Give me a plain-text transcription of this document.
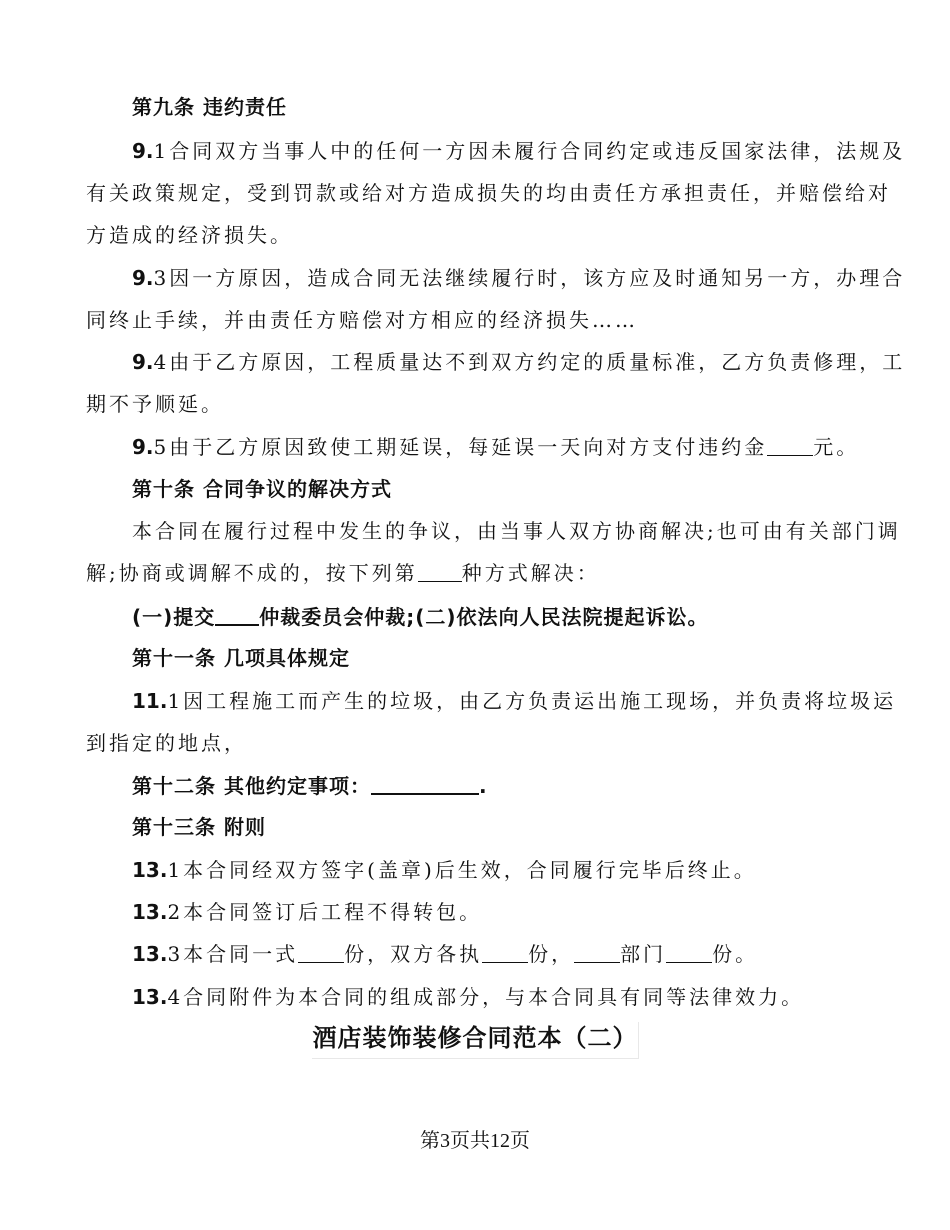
第九条 违约责任
9.1合同双方当事人中的任何一方因未履行合同约定或违反国家法律，法规及
有关政策规定，受到罚款或给对方造成损失的均由责任方承担责任，并赔偿给对
方造成的经济损失。
9.3因一方原因，造成合同无法继续履行时，该方应及时通知另一方，办理合
同终止手续，并由责任方赔偿对方相应的经济损失……
9.4由于乙方原因，工程质量达不到双方约定的质量标准，乙方负责修理，工
期不予顺延。
9.5由于乙方原因致使工期延误，每延误一天向对方支付违约金 元。
第十条 合同争议的解决方式
本合同在履行过程中发生的争议，由当事人双方协商解决;也可由有关部门调
解;协商或调解不成的，按下列第 种方式解决：
(一)提交 仲裁委员会仲裁;(二)依法向人民法院提起诉讼。
第十一条 几项具体规定
11.1因工程施工而产生的垃圾，由乙方负责运出施工现场，并负责将垃圾运
到指定的地点，
第十二条 其他约定事项：	.
第十三条 附则
13.1本合同经双方签字(盖章)后生效，合同履行完毕后终止。
13.2本合同签订后工程不得转包。
13.3本合同一式 份，双方各执 份， 部门 份。
13.4合同附件为本合同的组成部分，与本合同具有同等法律效力。
酒店装饰装修合同范本（二）
第3页共12页
